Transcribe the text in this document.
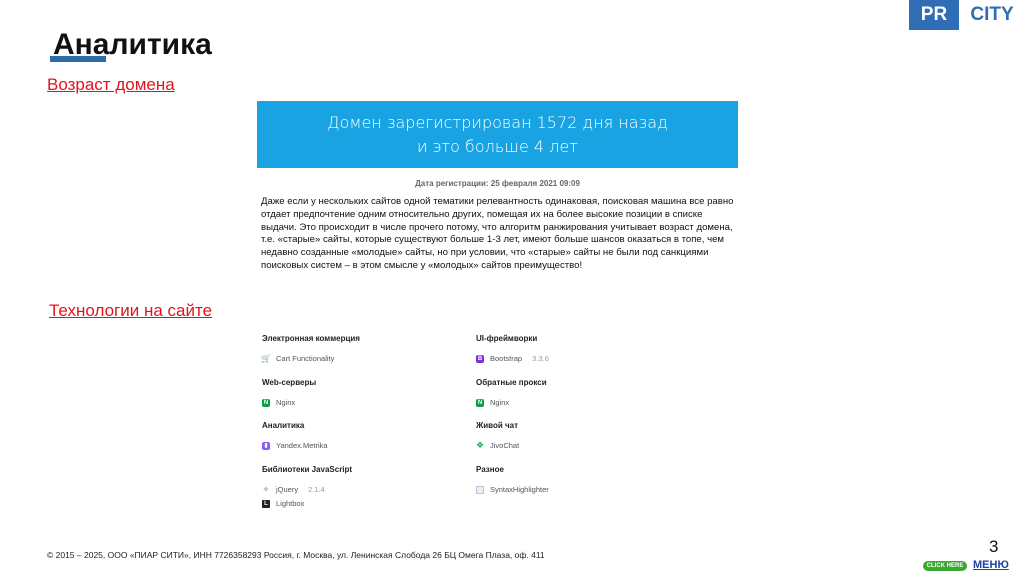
PR	CITY
Аналитика
Возраст домена
Домен зарегистрирован 1572 дня назад
и это больше 4 лет
Дата регистрации: 25 февраля 2021 09:09
Даже если у нескольких сайтов одной тематики релевантность одинаковая, поисковая машина все равно отдает предпочтение одним относительно других, помещая их на более высокие позиции в списке выдачи. Это происходит в числе прочего потому, что алгоритм ранжирования учитывает возраст домена, т.е. «старые» сайты, которые существуют больше 1-3 лет, имеют больше шансов оказаться в топе, чем недавно созданные «молодые» сайты, но при условии, что «старые» сайты не были под санкциями поисковых систем – в этом смысле у «молодых» сайтов преимущество!
Технологии на сайте
Электронная коммерция
🛒 Cart Functionality
Web-серверы
N Nginx
Аналитика
▮	Yandex.Metrika
Библиотеки JavaScript
✧ jQuery 2.1.4
L Lightbox
UI-фреймворки
B Bootstrap 3.3.6
Обратные прокси
N Nginx
Живой чат
❖ JivoChat
Разное
SyntaxHighlighter
© 2015 – 2025, ООО «ПИАР СИТИ», ИНН 7726358293 Россия, г. Москва, ул. Ленинская Слобода 26 БЦ Омега Плаза, оф. 411	3
CLICK HERE МЕНЮ
